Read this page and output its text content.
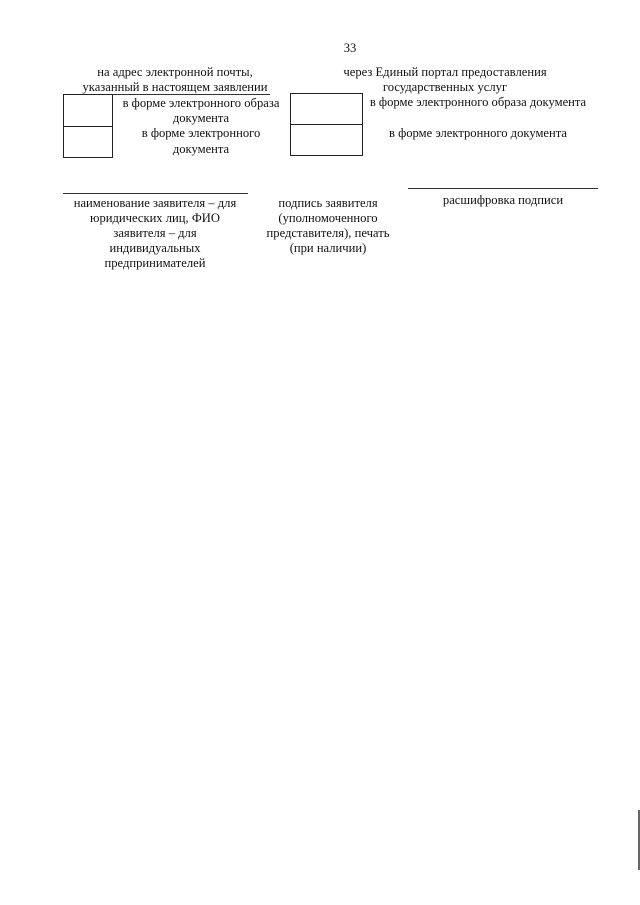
33
на адрес электронной почты,
указанный в настоящем заявлении
в форме электронного образа
документа
в форме электронного
документа
через Единый портал предоставления
государственных услуг
в форме электронного образа документа
в форме электронного документа
наименование заявителя – для
юридических лиц, ФИО
заявителя – для
индивидуальных
предпринимателей
подпись заявителя
(уполномоченного
представителя), печать
(при наличии)
расшифровка подписи
